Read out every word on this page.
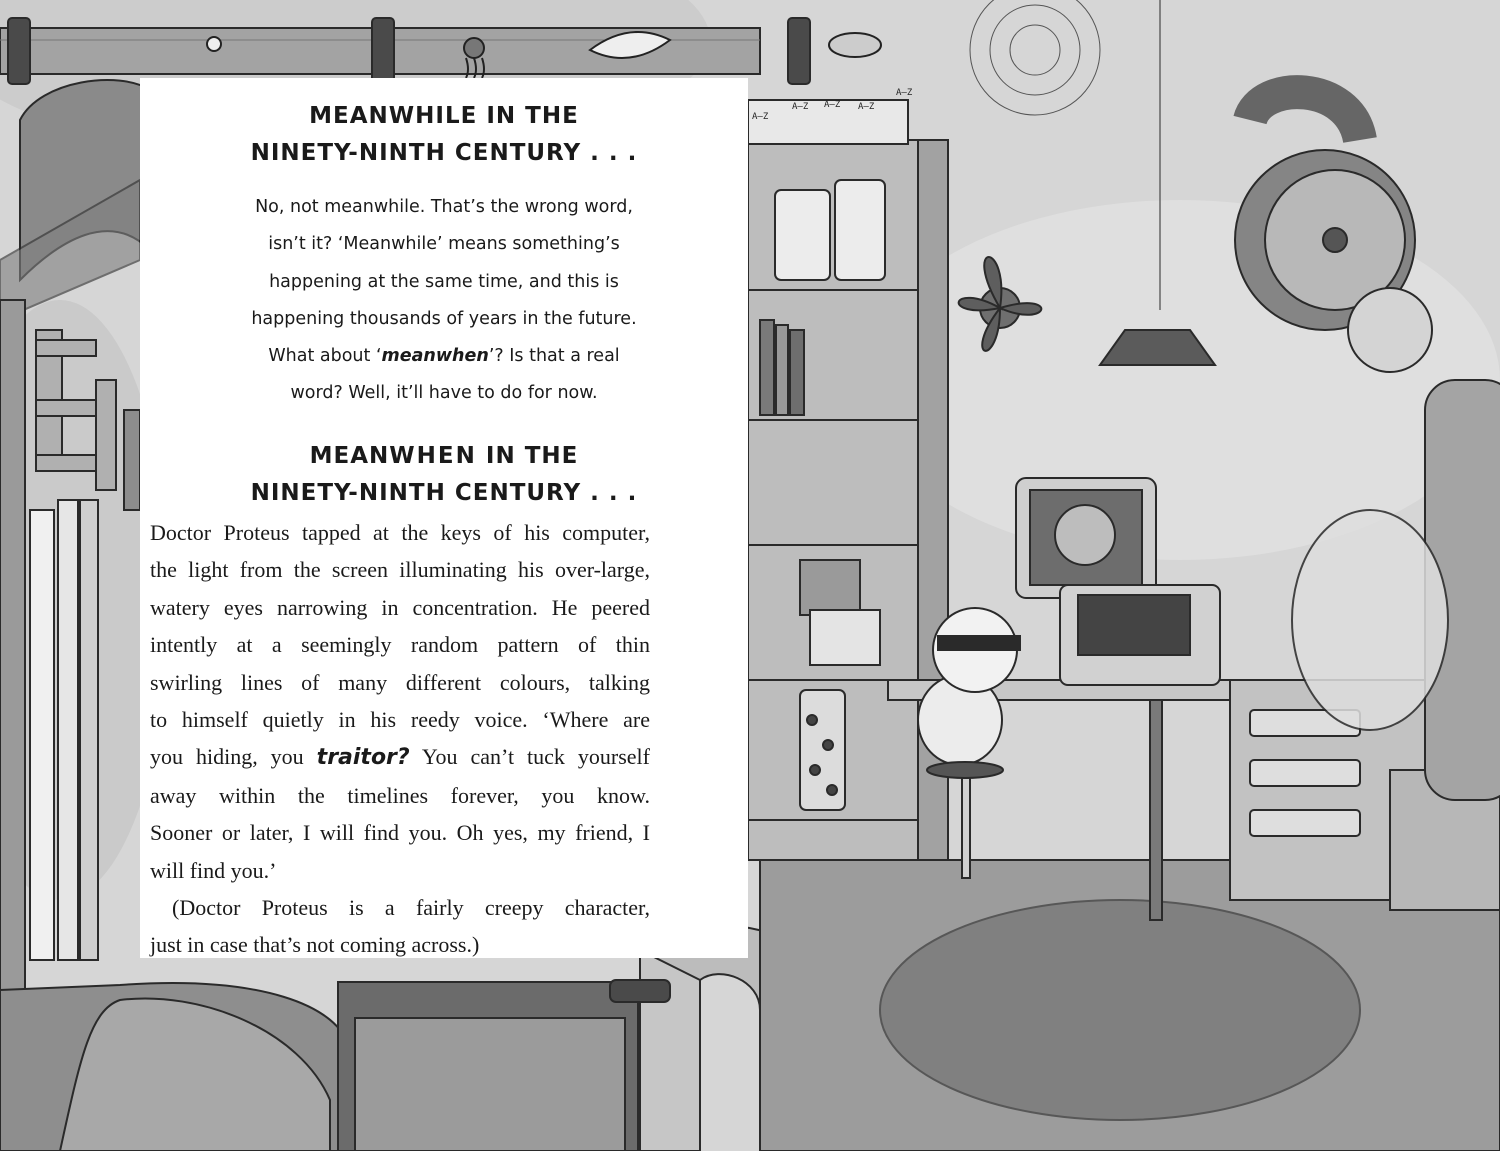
A–Z
A–Z A–Z A–Z
A–Z
MEANWHILE IN THE
NINETY-NINTH CENTURY . . .
No, not meanwhile. That’s the wrong word,
isn’t it? ‘Meanwhile’ means something’s
happening at the same time, and this is
happening thousands of years in the future.
What about ‘meanwhen’? Is that a real
word? Well, it’ll have to do for now.
MEANWHEN IN THE
NINETY-NINTH CENTURY . . .
Doctor Proteus tapped at the keys of his computer,
the light from the screen illuminating his over-large,
watery eyes narrowing in concentration. He peered
intently at a seemingly random pattern of thin
swirling lines of many different colours, talking
to himself quietly in his reedy voice. ‘Where are
you hiding, you traitor? You can’t tuck yourself
away within the timelines forever, you know.
Sooner or later, I will find you. Oh yes, my friend, I
will find you.’
(Doctor Proteus is a fairly creepy character,
just in case that’s not coming across.)
